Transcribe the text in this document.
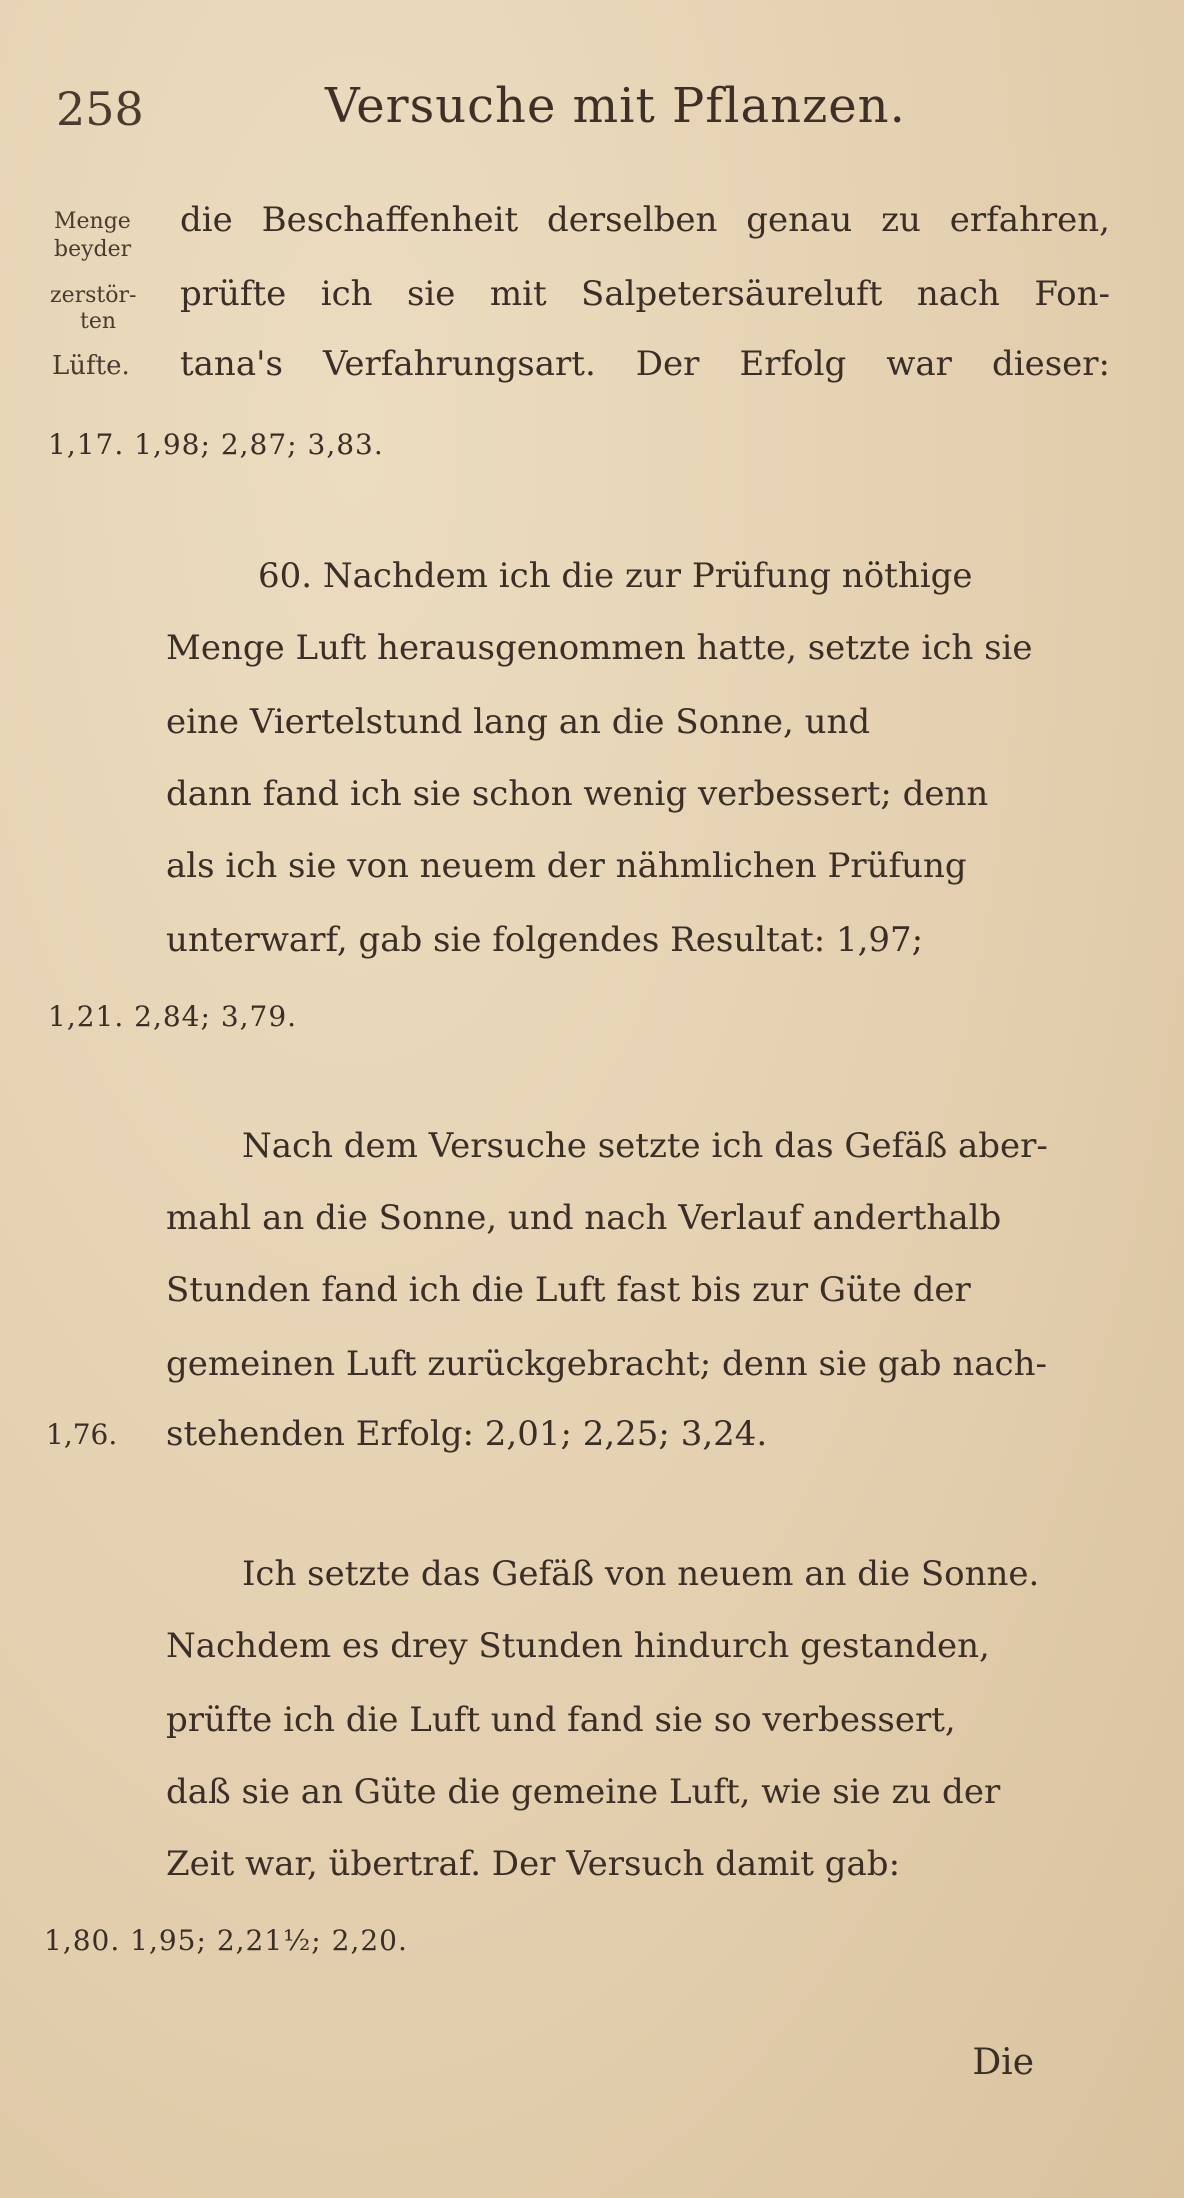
258	Versuche mit Pflanzen.
Menge
beyder
zerstör-
ten
Lüfte.
die Beschaffenheit derselben genau zu erfahren,
prüfte ich sie mit Salpetersäureluft nach Fon-
tana's Verfahrungsart. Der Erfolg war dieser:
1,17. 1,98; 2,87; 3,83.
60. Nachdem ich die zur Prüfung nöthige
Menge Luft herausgenommen hatte, setzte ich sie
eine Viertelstund lang an die Sonne, und
dann fand ich sie schon wenig verbessert; denn
als ich sie von neuem der nähmlichen Prüfung
unterwarf, gab sie folgendes Resultat: 1,97;
1,21. 2,84; 3,79.
Nach dem Versuche setzte ich das Gefäß aber-
mahl an die Sonne, und nach Verlauf anderthalb
Stunden fand ich die Luft fast bis zur Güte der
gemeinen Luft zurückgebracht; denn sie gab nach-
1,76. stehenden Erfolg: 2,01; 2,25; 3,24.
Ich setzte das Gefäß von neuem an die Sonne.
Nachdem es drey Stunden hindurch gestanden,
prüfte ich die Luft und fand sie so verbessert,
daß sie an Güte die gemeine Luft, wie sie zu der
Zeit war, übertraf. Der Versuch damit gab:
1,80. 1,95; 2,21½; 2,20.
Die
